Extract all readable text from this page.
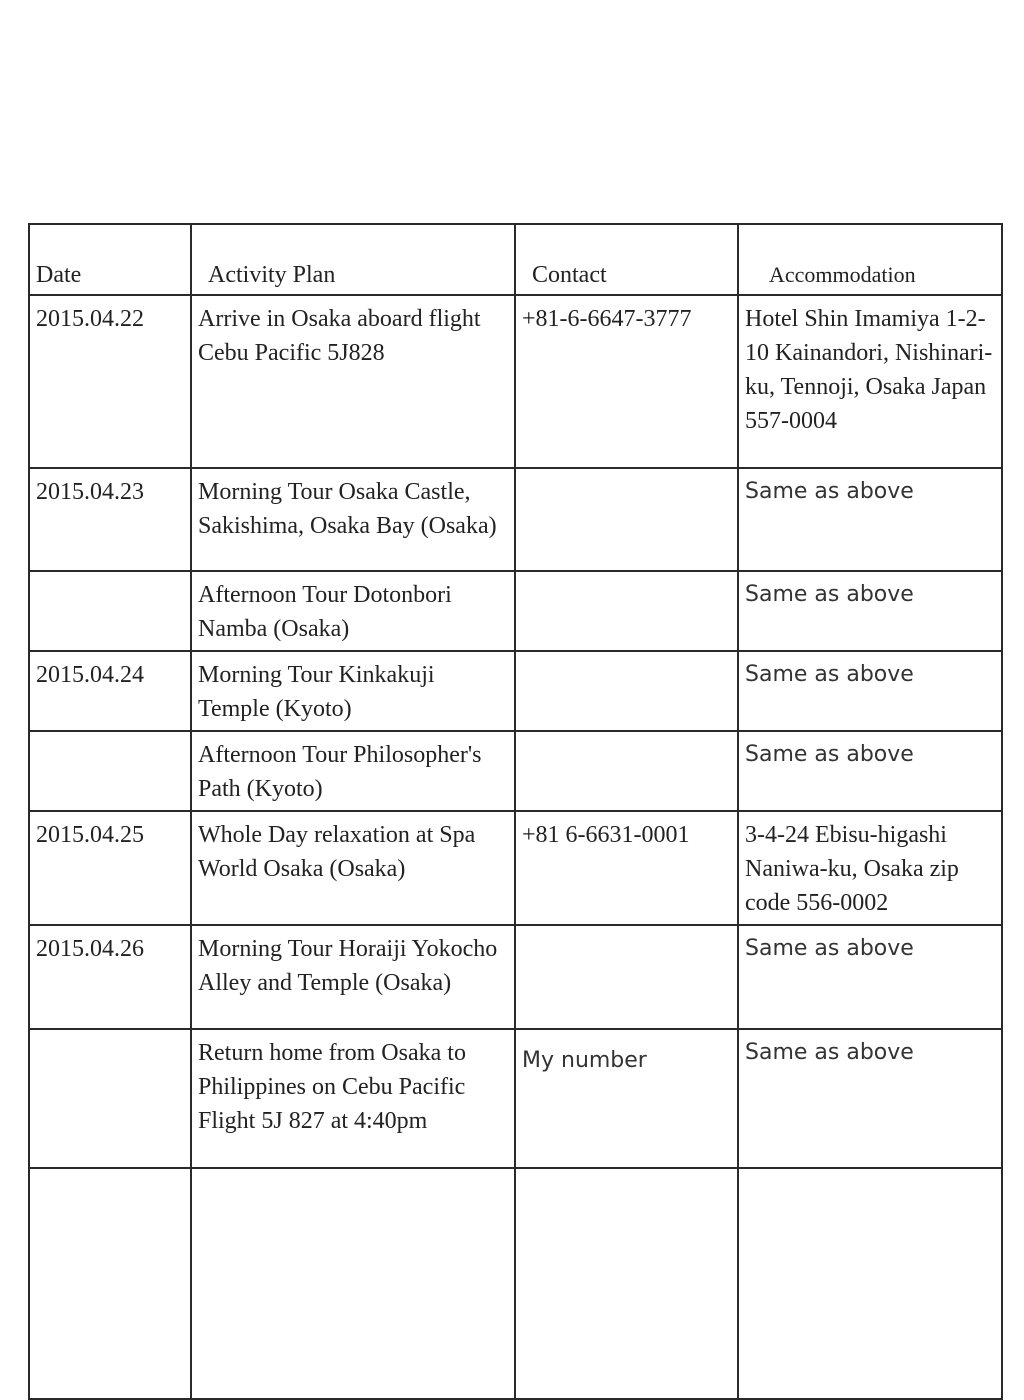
Date	Activity Plan	Contact	Accommodation
2015.04.22	Arrive in Osaka aboard flight Cebu Pacific 5J828	+81-6-6647-3777	Hotel Shin Imamiya 1-2-10 Kainandori, Nishinari-ku, Tennoji, Osaka Japan 557-0004
2015.04.23	Morning Tour Osaka Castle, Sakishima, Osaka Bay (Osaka)		Same as above
	Afternoon Tour Dotonbori Namba (Osaka)		Same as above
2015.04.24	Morning Tour Kinkakuji Temple (Kyoto)		Same as above
	Afternoon Tour Philosopher's Path (Kyoto)		Same as above
2015.04.25	Whole Day relaxation at Spa World Osaka (Osaka)	+81 6-6631-0001	3-4-24 Ebisu-higashi Naniwa-ku, Osaka zip code 556-0002
2015.04.26	Morning Tour Horaiji Yokocho Alley and Temple (Osaka)		Same as above
	Return home from Osaka to Philippines on Cebu Pacific Flight 5J 827 at 4:40pm	My number	Same as above
